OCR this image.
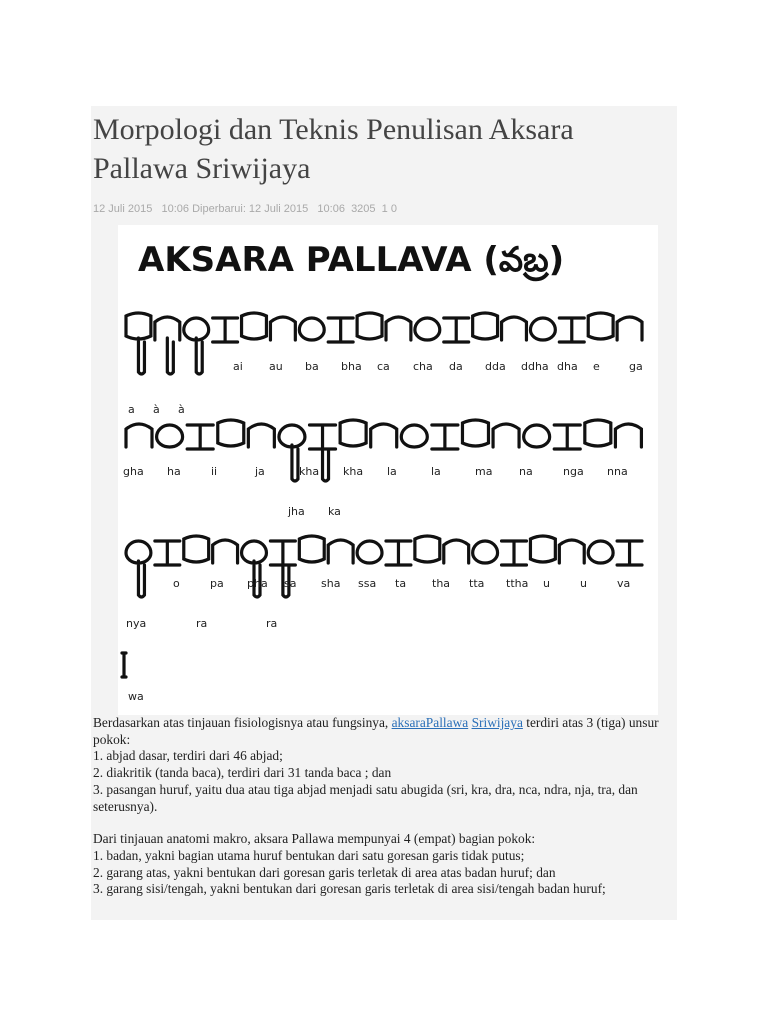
Morpologi dan Teknis Penulisan Aksara Pallawa Sriwijaya
12 Juli 2015   10:06 Diperbarui: 12 Juli 2015   10:06  3205  1 0
AKSARA PALLAVA (వబ్ర)
ai au ba bha ca cha da dda ddha dha e	ga
a à à
gha ha	ii	ja	kha kha la	la	ma na	nga nna
jha ka
o	pa pha sa sha ssa ta tha tta ttha u	u	va
nya	ra	ra
wa

Berdasarkan atas tinjauan fisiologisnya atau fungsinya, aksaraPallawa Sriwijaya terdiri atas 3 (tiga) unsur pokok:
1. abjad dasar, terdiri dari 46 abjad;
2. diakritik (tanda baca), terdiri dari 31 tanda baca ; dan
3. pasangan huruf, yaitu dua atau tiga abjad menjadi satu abugida (sri, kra, dra, nca, ndra, nja, tra, dan seterusnya).

Dari tinjauan anatomi makro, aksara Pallawa mempunyai 4 (empat) bagian pokok:
1. badan, yakni bagian utama huruf bentukan dari satu goresan garis tidak putus;
2. garang atas, yakni bentukan dari goresan garis terletak di area atas badan huruf; dan
3. garang sisi/tengah, yakni bentukan dari goresan garis terletak di area sisi/tengah badan huruf;
